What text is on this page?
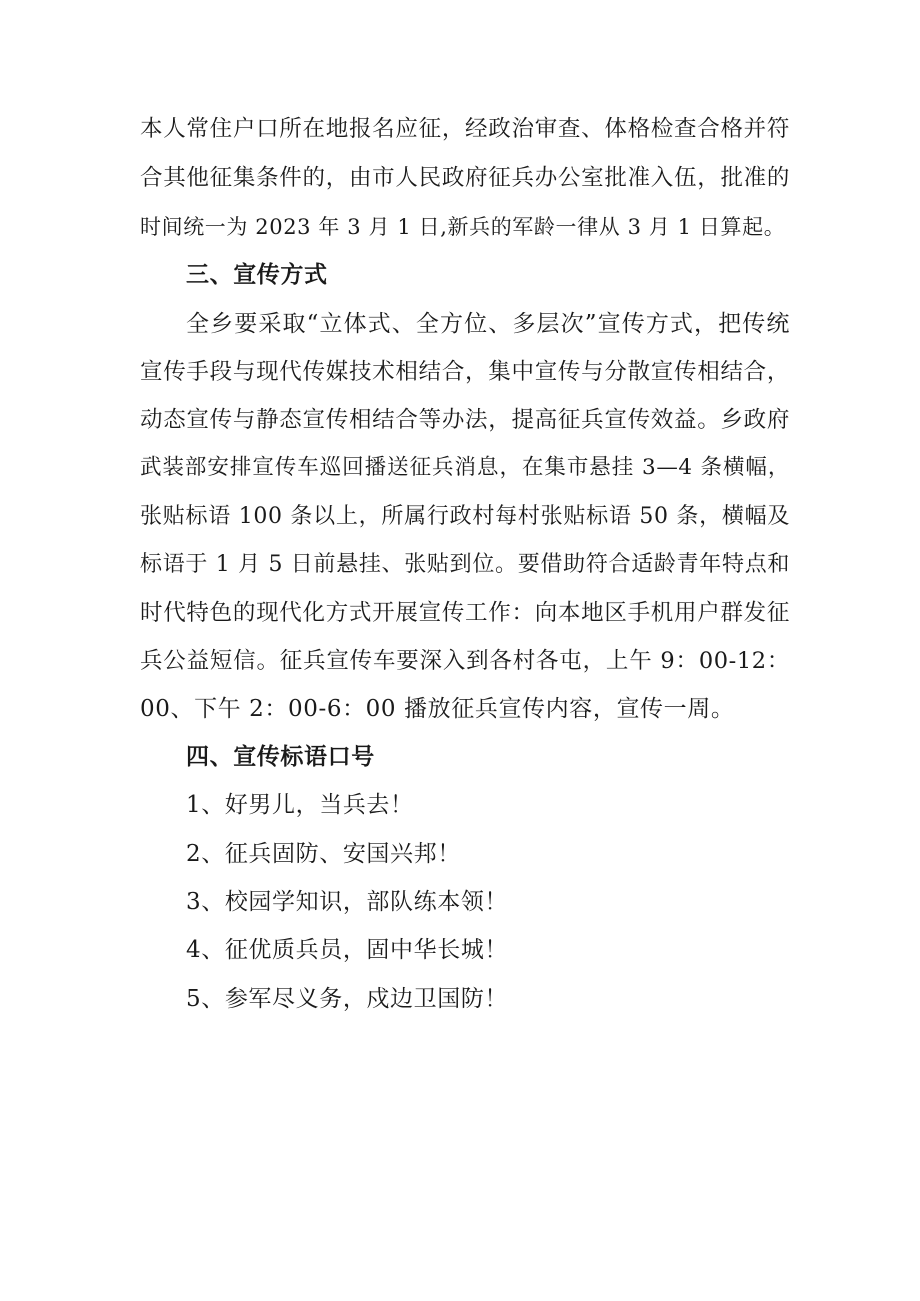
本人常住户口所在地报名应征，经政治审查、体格检查合格并符
合其他征集条件的，由市人民政府征兵办公室批准入伍，批准的
时间统一为 2023 年 3 月 1 日,新兵的军龄一律从 3 月 1 日算起。
三、宣传方式
全乡要采取“立体式、全方位、多层次”宣传方式，把传统
宣传手段与现代传媒技术相结合，集中宣传与分散宣传相结合，
动态宣传与静态宣传相结合等办法，提高征兵宣传效益。乡政府
武装部安排宣传车巡回播送征兵消息，在集市悬挂 3—4 条横幅，
张贴标语 100 条以上，所属行政村每村张贴标语 50 条，横幅及
标语于 1 月 5 日前悬挂、张贴到位。要借助符合适龄青年特点和
时代特色的现代化方式开展宣传工作：向本地区手机用户群发征
兵公益短信。征兵宣传车要深入到各村各屯，上午 9：00-12：
00、下午 2：00-6：00 播放征兵宣传内容，宣传一周。
四、宣传标语口号
1、好男儿，当兵去！
2、征兵固防、安国兴邦！
3、校园学知识，部队练本领！
4、征优质兵员，固中华长城！
5、参军尽义务，戍边卫国防！
